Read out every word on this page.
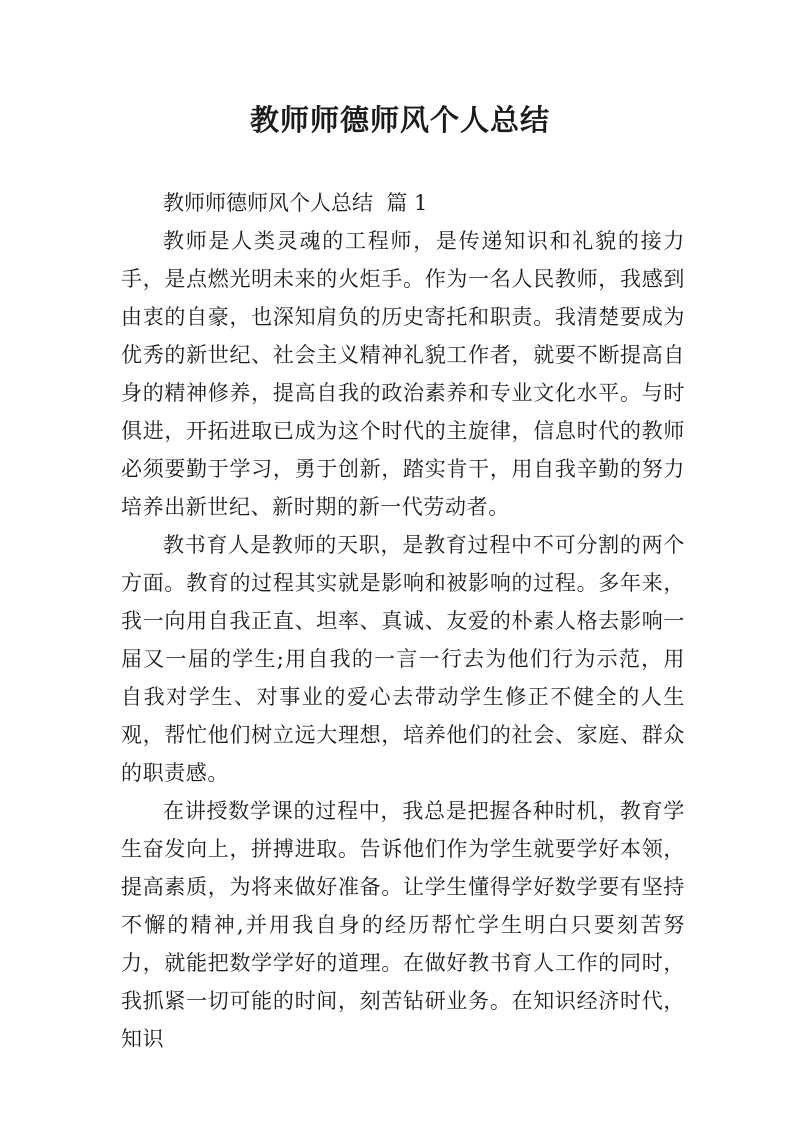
教师师德师风个人总结

教师师德师风个人总结  篇 1

教师是人类灵魂的工程师，是传递知识和礼貌的接力手，是点燃光明未来的火炬手。作为一名人民教师，我感到由衷的自豪，也深知肩负的历史寄托和职责。我清楚要成为优秀的新世纪、社会主义精神礼貌工作者，就要不断提高自身的精神修养，提高自我的政治素养和专业文化水平。与时俱进，开拓进取已成为这个时代的主旋律，信息时代的教师必须要勤于学习，勇于创新，踏实肯干，用自我辛勤的努力培养出新世纪、新时期的新一代劳动者。

教书育人是教师的天职，是教育过程中不可分割的两个方面。教育的过程其实就是影响和被影响的过程。多年来，我一向用自我正直、坦率、真诚、友爱的朴素人格去影响一届又一届的学生;用自我的一言一行去为他们行为示范，用自我对学生、对事业的爱心去带动学生修正不健全的人生观，帮忙他们树立远大理想，培养他们的社会、家庭、群众的职责感。

在讲授数学课的过程中，我总是把握各种时机，教育学生奋发向上，拼搏进取。告诉他们作为学生就要学好本领，提高素质，为将来做好准备。让学生懂得学好数学要有坚持不懈的精神,并用我自身的经历帮忙学生明白只要刻苦努力，就能把数学学好的道理。在做好教书育人工作的同时，我抓紧一切可能的时间，刻苦钻研业务。在知识经济时代，知识
